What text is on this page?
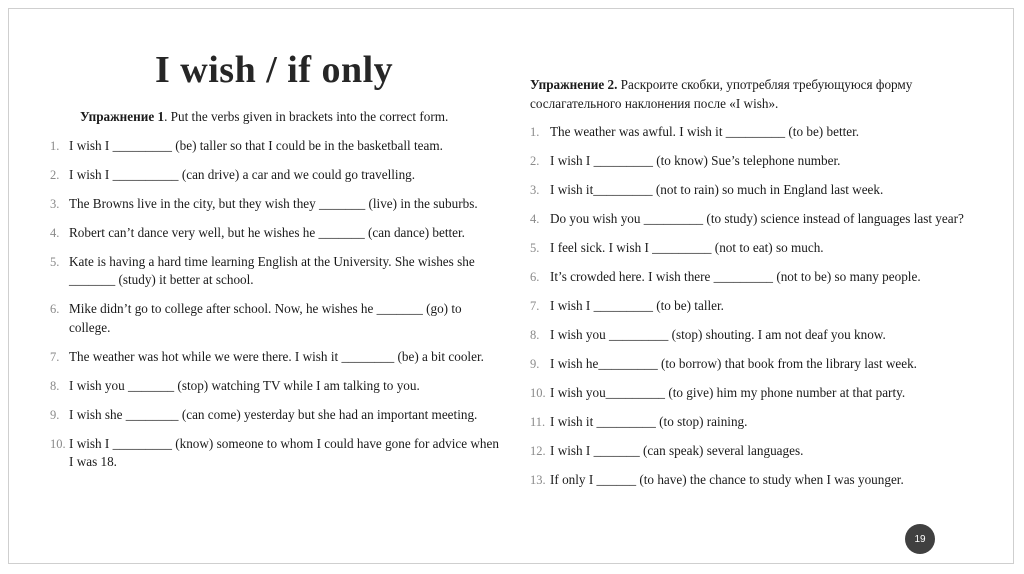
I wish / if only
Упражнение 1. Put the verbs given in brackets into the correct form.
1. I wish I _________ (be) taller so that I could be in the basketball team.
2. I wish I __________ (can drive) a car and we could go travelling.
3. The Browns live in the city, but they wish they _______ (live) in the suburbs.
4. Robert can’t dance very well, but he wishes he _______ (can dance) better.
5. Kate is having a hard time learning English at the University. She wishes she _______ (study) it better at school.
6. Mike didn’t go to college after school. Now, he wishes he _______ (go) to college.
7. The weather was hot while we were there. I wish it ________ (be) a bit cooler.
8. I wish you _______ (stop) watching TV while I am talking to you.
9. I wish she ________ (can come) yesterday but she had an important meeting.
10. I wish I _________ (know) someone to whom I could have gone for advice when I was 18.
Упражнение 2. Раскроите скобки, употребляя требующуюся форму сослагательного наклонения после «I wish».
1. The weather was awful. I wish it _________ (to be) better.
2. I wish I _________ (to know) Sue’s telephone number.
3. I wish it_________ (not to rain) so much in England last week.
4. Do you wish you _________ (to study) science instead of languages last year?
5. I feel sick. I wish I _________ (not to eat) so much.
6. It’s crowded here. I wish there _________ (not to be) so many people.
7. I wish I _________ (to be) taller.
8. I wish you _________ (stop) shouting. I am not deaf you know.
9. I wish he_________ (to borrow) that book from the library last week.
10. I wish you_________ (to give) him my phone number at that party.
11. I wish it _________ (to stop) raining.
12. I wish I _______ (can speak) several languages.
13. If only I ______ (to have) the chance to study when I was younger.
19
